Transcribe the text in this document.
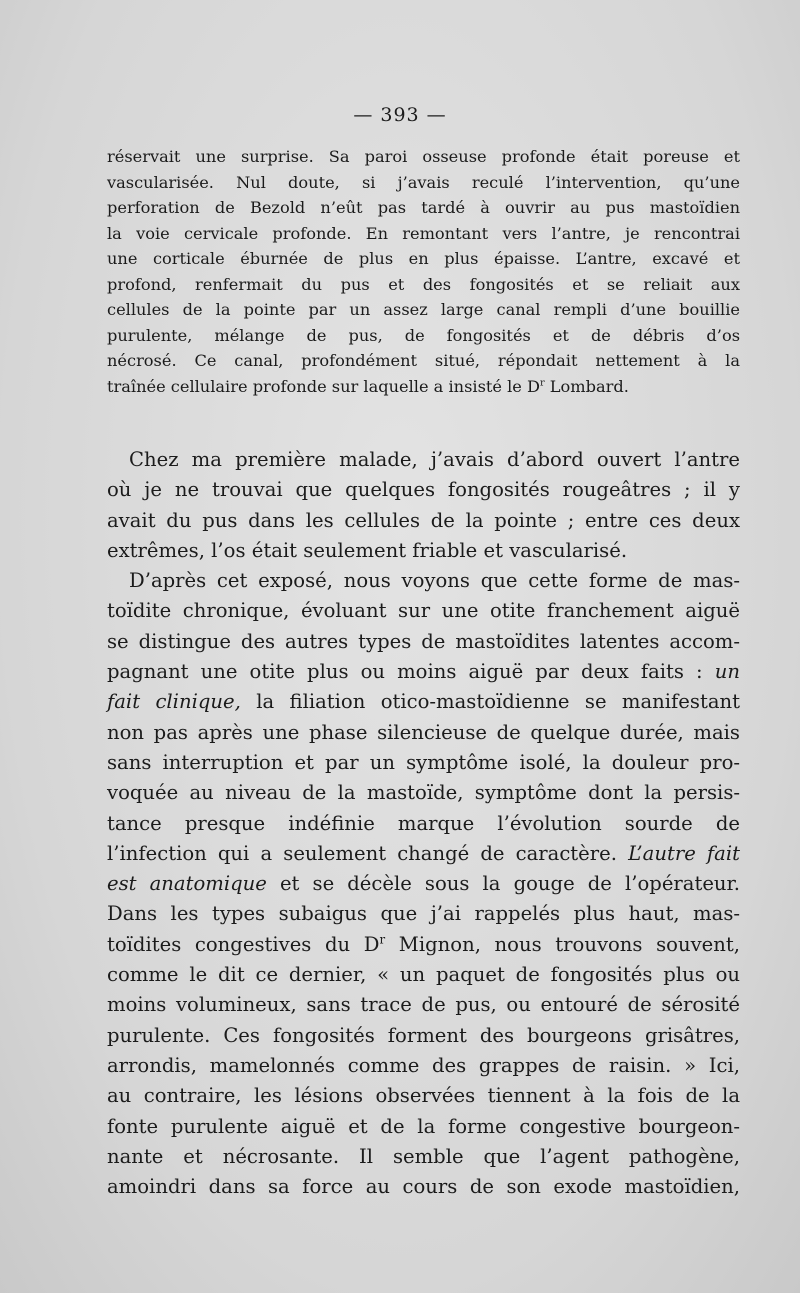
— 393 —

réservait une surprise. Sa paroi osseuse profonde était poreuse et

vascularisée. Nul doute, si j’avais reculé l’intervention, qu’une

perforation de Bezold n’eût pas tardé à ouvrir au pus mastoïdien

la voie cervicale profonde. En remontant vers l’antre, je rencontrai

une corticale éburnée de plus en plus épaisse. L’antre, excavé et

profond, renfermait du pus et des fongosités et se reliait aux

cellules de la pointe par un assez large canal rempli d’une bouillie

purulente, mélange de pus, de fongosités et de débris d’os

nécrosé. Ce canal, profondément situé, répondait nettement à la

traînée cellulaire profonde sur laquelle a insisté le $D^r$ Lombard.

Chez ma première malade, j’avais d’abord ouvert l’antre

où je ne trouvai que quelques fongosités rougeâtres ; il y

avait du pus dans les cellules de la pointe ; entre ces deux

extrêmes, l’os était seulement friable et vascularisé.

D’après cet exposé, nous voyons que cette forme de mas-

toïdite chronique, évoluant sur une otite franchement aiguë

se distingue des autres types de mastoïdites latentes accom-

pagnant une otite plus ou moins aiguë par deux faits : un

fait clinique, la filiation otico-mastoïdienne se manifestant

non pas après une phase silencieuse de quelque durée, mais

sans interruption et par un symptôme isolé, la douleur pro-

voquée au niveau de la mastoïde, symptôme dont la persis-

tance presque indéfinie marque l’évolution sourde de

l’infection qui a seulement changé de caractère. L’autre fait

est anatomique et se décèle sous la gouge de l’opérateur.

Dans les types subaigus que j’ai rappelés plus haut, mas-

toïdites congestives du $D^r$ Mignon, nous trouvons souvent,

comme le dit ce dernier, « un paquet de fongosités plus ou

moins volumineux, sans trace de pus, ou entouré de sérosité

purulente. Ces fongosités forment des bourgeons grisâtres,

arrondis, mamelonnés comme des grappes de raisin. » Ici,

au contraire, les lésions observées tiennent à la fois de la

fonte purulente aiguë et de la forme congestive bourgeon-

nante et nécrosante. Il semble que l’agent pathogène,

amoindri dans sa force au cours de son exode mastoïdien,
